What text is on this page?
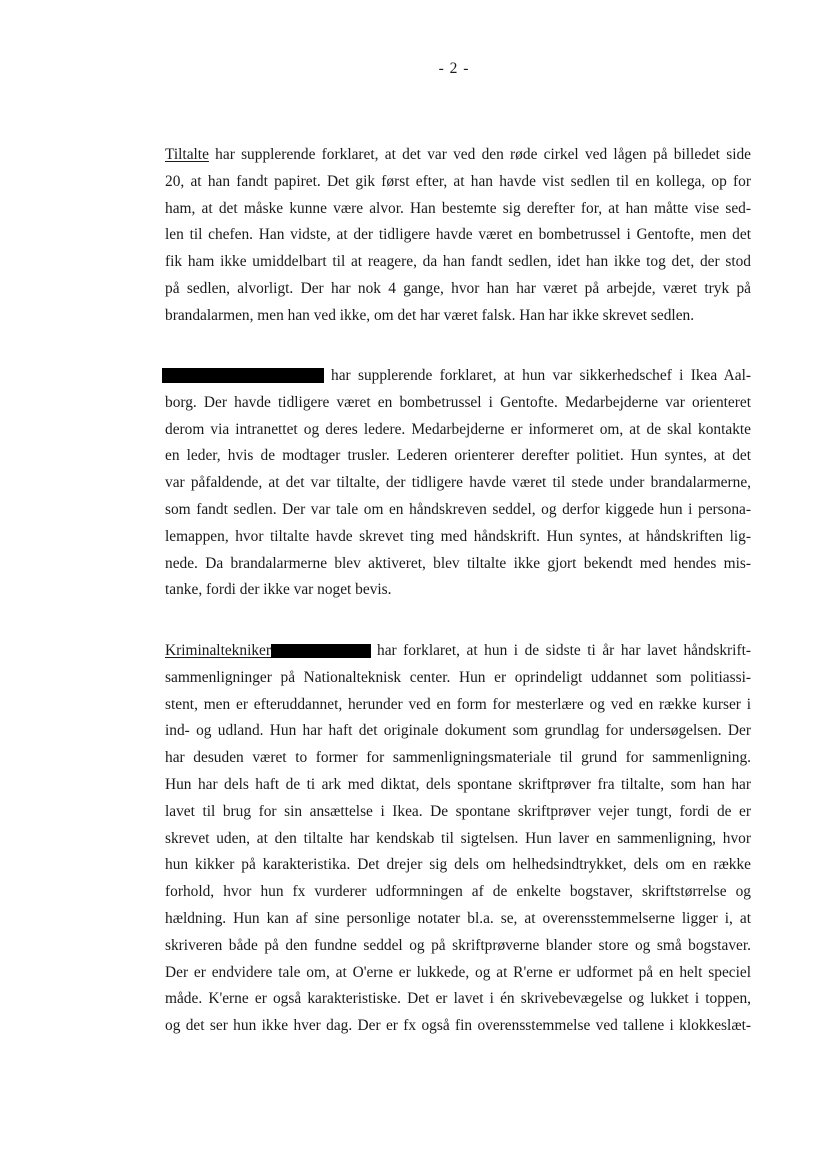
- 2 -
Tiltalte har supplerende forklaret, at det var ved den røde cirkel ved lågen på billedet side
20, at han fandt papiret. Det gik først efter, at han havde vist sedlen til en kollega, op for
ham, at det måske kunne være alvor. Han bestemte sig derefter for, at han måtte vise sed-
len til chefen. Han vidste, at der tidligere havde været en bombetrussel i Gentofte, men det
fik ham ikke umiddelbart til at reagere, da han fandt sedlen, idet han ikke tog det, der stod
på sedlen, alvorligt. Der har nok 4 gange, hvor han har været på arbejde, været tryk på
brandalarmen, men han ved ikke, om det har været falsk. Han har ikke skrevet sedlen.
har supplerende forklaret, at hun var sikkerhedschef i Ikea Aal-
borg. Der havde tidligere været en bombetrussel i Gentofte. Medarbejderne var orienteret
derom via intranettet og deres ledere. Medarbejderne er informeret om, at de skal kontakte
en leder, hvis de modtager trusler. Lederen orienterer derefter politiet. Hun syntes, at det
var påfaldende, at det var tiltalte, der tidligere havde været til stede under brandalarmerne,
som fandt sedlen. Der var tale om en håndskreven seddel, og derfor kiggede hun i persona-
lemappen, hvor tiltalte havde skrevet ting med håndskrift. Hun syntes, at håndskriften lig-
nede. Da brandalarmerne blev aktiveret, blev tiltalte ikke gjort bekendt med hendes mis-
tanke, fordi der ikke var noget bevis.
Kriminaltekniker	har forklaret, at hun i de sidste ti år har lavet håndskrift-
sammenligninger på Nationalteknisk center. Hun er oprindeligt uddannet som politiassi-
stent, men er efteruddannet, herunder ved en form for mesterlære og ved en række kurser i
ind- og udland. Hun har haft det originale dokument som grundlag for undersøgelsen. Der
har desuden været to former for sammenligningsmateriale til grund for sammenligning.
Hun har dels haft de ti ark med diktat, dels spontane skriftprøver fra tiltalte, som han har
lavet til brug for sin ansættelse i Ikea. De spontane skriftprøver vejer tungt, fordi de er
skrevet uden, at den tiltalte har kendskab til sigtelsen. Hun laver en sammenligning, hvor
hun kikker på karakteristika. Det drejer sig dels om helhedsindtrykket, dels om en række
forhold, hvor hun fx vurderer udformningen af de enkelte bogstaver, skriftstørrelse og
hældning. Hun kan af sine personlige notater bl.a. se, at overensstemmelserne ligger i, at
skriveren både på den fundne seddel og på skriftprøverne blander store og små bogstaver.
Der er endvidere tale om, at O'erne er lukkede, og at R'erne er udformet på en helt speciel
måde. K'erne er også karakteristiske. Det er lavet i én skrivebevægelse og lukket i toppen,
og det ser hun ikke hver dag. Der er fx også fin overensstemmelse ved tallene i klokkeslæt-
